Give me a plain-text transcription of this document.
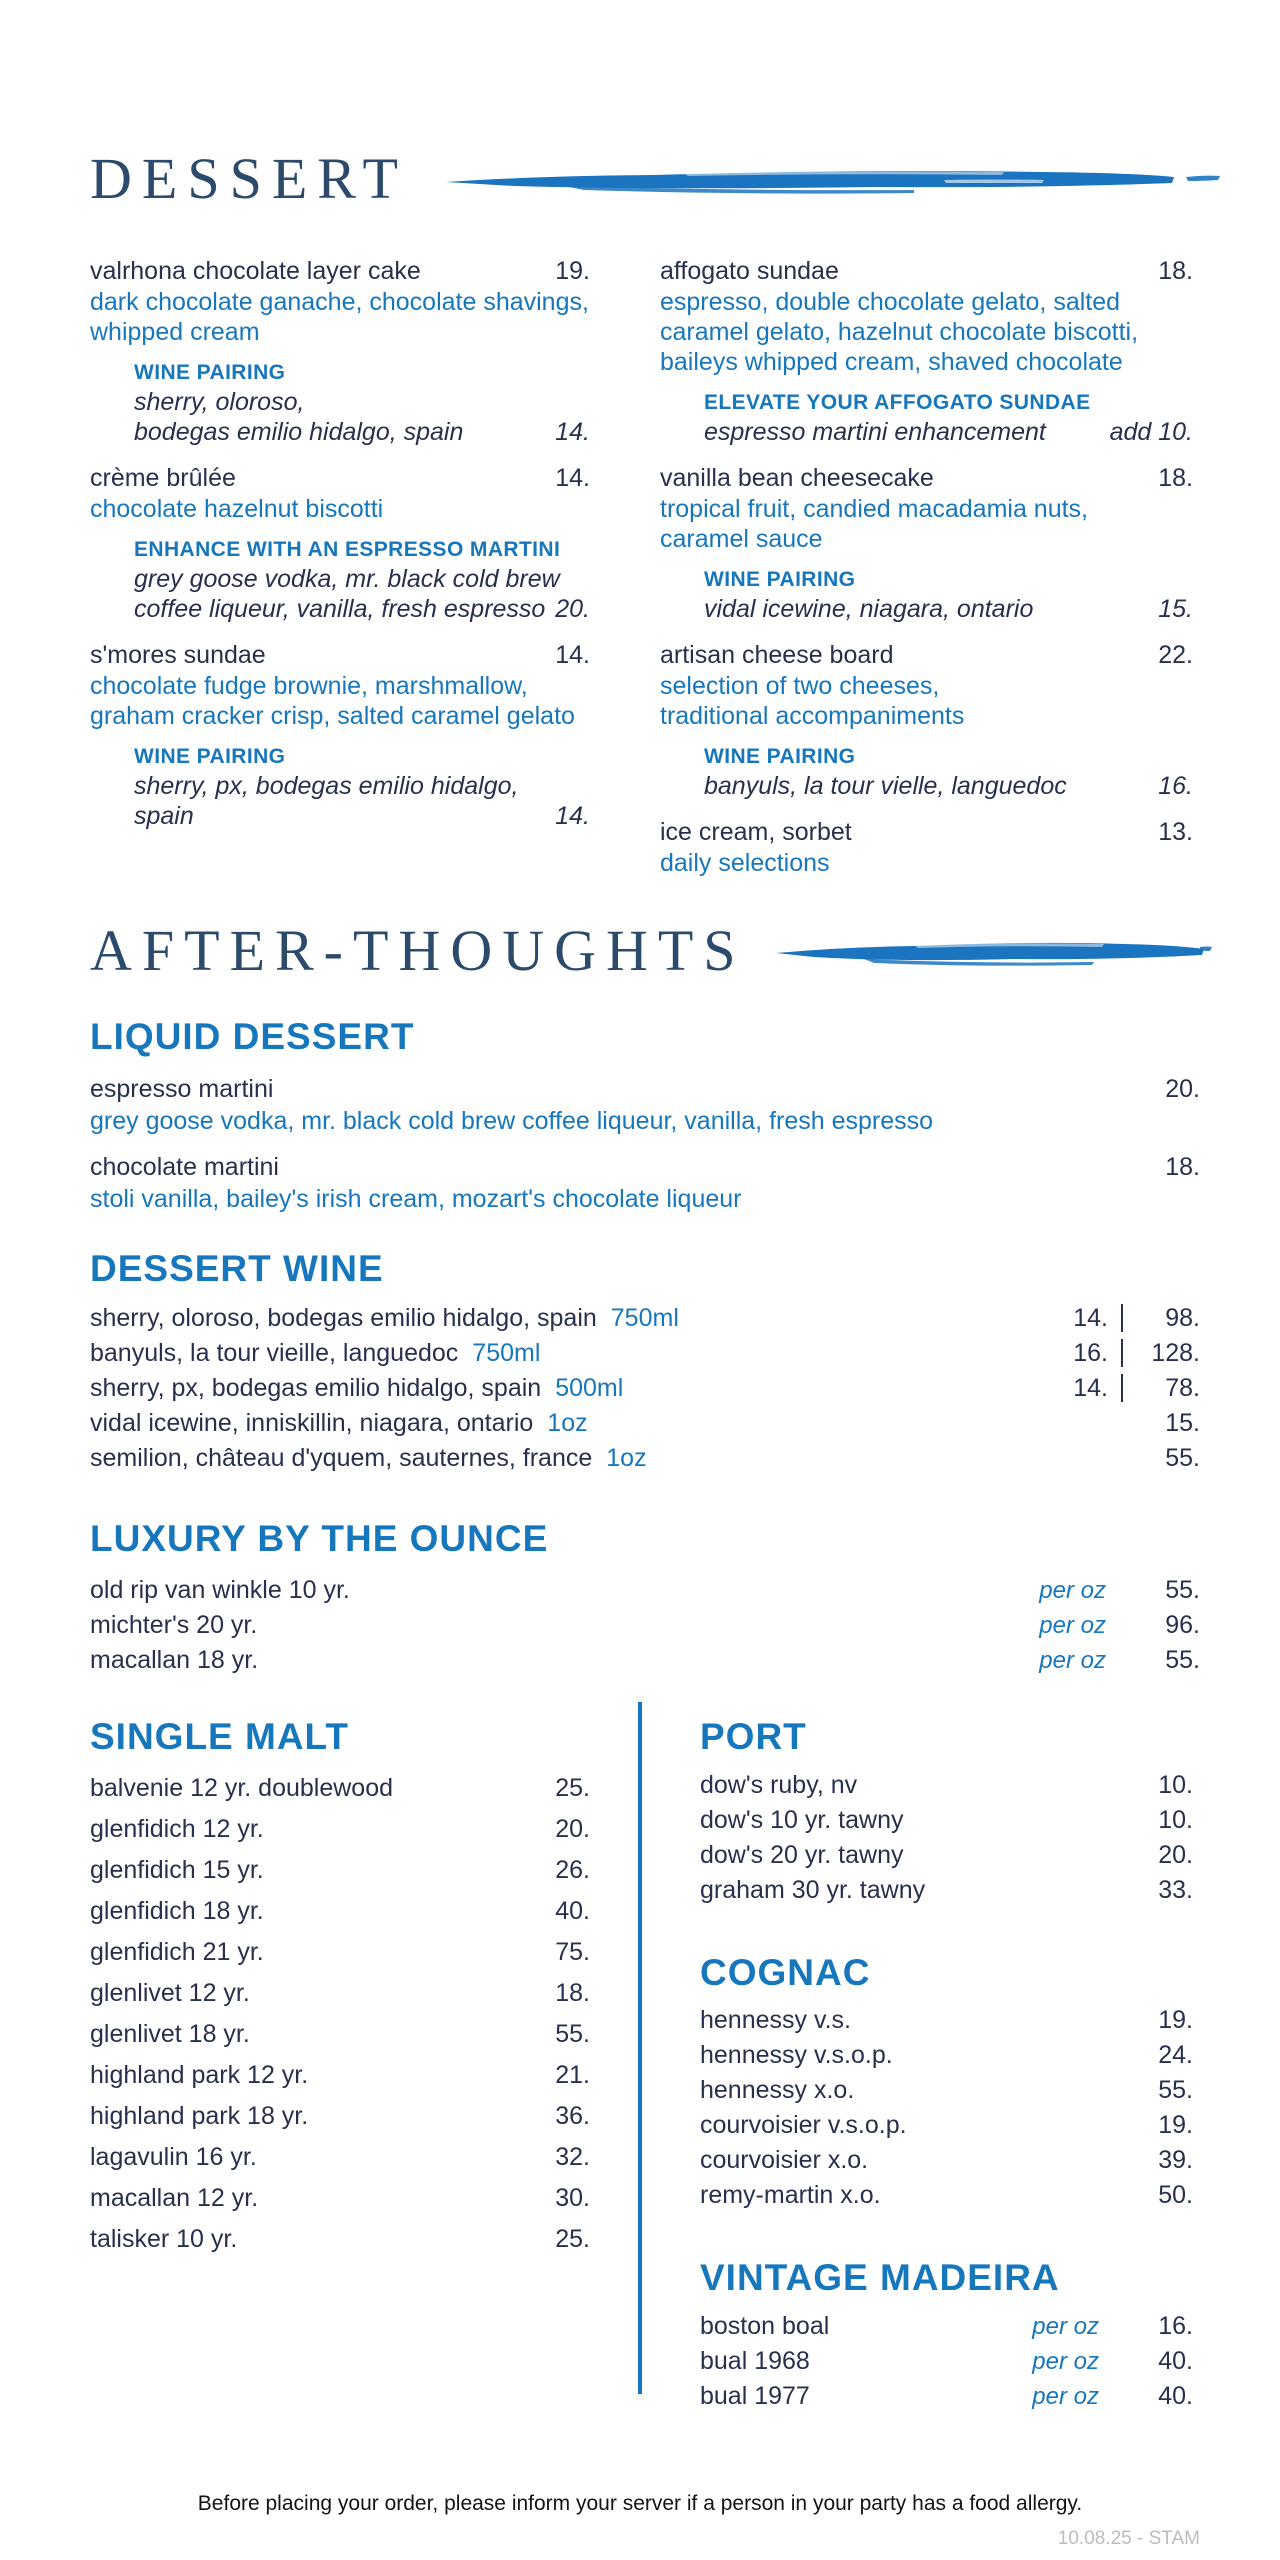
DESSERT
valrhona chocolate layer cake	19.
dark chocolate ganache, chocolate shavings,
whipped cream
WINE PAIRING
sherry, oloroso,
bodegas emilio hidalgo, spain	14.
crème brûlée	14.
chocolate hazelnut biscotti
ENHANCE WITH AN ESPRESSO MARTINI
grey goose vodka, mr. black cold brew
coffee liqueur, vanilla, fresh espresso 20.
s'mores sundae	14.
chocolate fudge brownie, marshmallow,
graham cracker crisp, salted caramel gelato
WINE PAIRING
sherry, px, bodegas emilio hidalgo,
spain	14.
affogato sundae	18.
espresso, double chocolate gelato, salted
caramel gelato, hazelnut chocolate biscotti,
baileys whipped cream, shaved chocolate
ELEVATE YOUR AFFOGATO SUNDAE
espresso martini enhancement	add 10.
vanilla bean cheesecake	18.
tropical fruit, candied macadamia nuts,
caramel sauce
WINE PAIRING
vidal icewine, niagara, ontario	15.
artisan cheese board	22.
selection of two cheeses,
traditional accompaniments
WINE PAIRING
banyuls, la tour vielle, languedoc	16.
ice cream, sorbet	13.
daily selections
AFTER-THOUGHTS
LIQUID DESSERT
espresso martini	20.
grey goose vodka, mr. black cold brew coffee liqueur, vanilla, fresh espresso
chocolate martini	18.
stoli vanilla, bailey's irish cream, mozart's chocolate liqueur
DESSERT WINE
sherry, oloroso, bodegas emilio hidalgo, spain 750ml	14.	98.
banyuls, la tour vieille, languedoc 750ml	16.	128.
sherry, px, bodegas emilio hidalgo, spain 500ml	14.	78.
vidal icewine, inniskillin, niagara, ontario 1oz	15.
semilion, château d'yquem, sauternes, france 1oz	55.
LUXURY BY THE OUNCE
old rip van winkle 10 yr.	per oz	55.
michter's 20 yr.	per oz	96.
macallan 18 yr.	per oz	55.
SINGLE MALT
balvenie 12 yr. doublewood	25.
glenfidich 12 yr.	20.
glenfidich 15 yr.	26.
glenfidich 18 yr.	40.
glenfidich 21 yr.	75.
glenlivet 12 yr.	18.
glenlivet 18 yr.	55.
highland park 12 yr.	21.
highland park 18 yr.	36.
lagavulin 16 yr.	32.
macallan 12 yr.	30.
talisker 10 yr.	25.
PORT
dow's ruby, nv	10.
dow's 10 yr. tawny	10.
dow's 20 yr. tawny	20.
graham 30 yr. tawny	33.
COGNAC
hennessy v.s.	19.
hennessy v.s.o.p.	24.
hennessy x.o.	55.
courvoisier v.s.o.p.	19.
courvoisier x.o.	39.
remy-martin x.o.	50.
VINTAGE MADEIRA
boston boal	per oz	16.
bual 1968	per oz	40.
bual 1977	per oz	40.
Before placing your order, please inform your server if a person in your party has a food allergy.
10.08.25 - STAM
